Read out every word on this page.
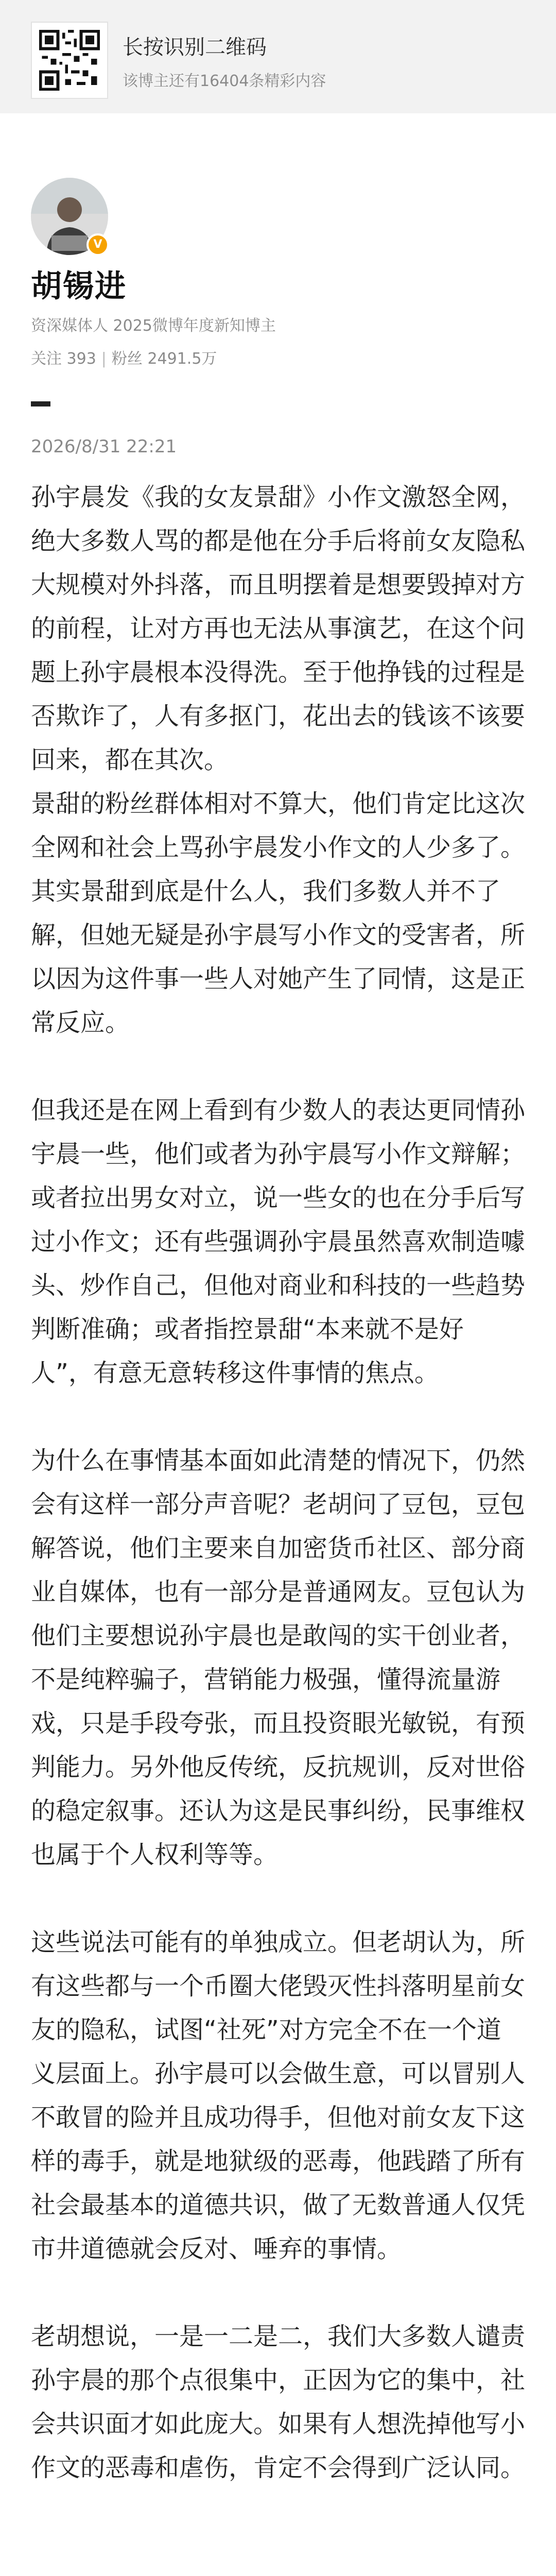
长按识别二维码
该博主还有16404条精彩内容
V
胡锡进
资深媒体人 2025微博年度新知博主
关注 393 | 粉丝 2491.5万
2026/8/31 22:21

孙宇晨发《我的女友景甜》小作文激怒全网，绝大多数人骂的都是他在分手后将前女友隐私大规模对外抖落，而且明摆着是想要毁掉对方的前程，让对方再也无法从事演艺，在这个问题上孙宇晨根本没得洗。至于他挣钱的过程是否欺诈了，人有多抠门，花出去的钱该不该要回来，都在其次。

景甜的粉丝群体相对不算大，他们肯定比这次全网和社会上骂孙宇晨发小作文的人少多了。其实景甜到底是什么人，我们多数人并不了解，但她无疑是孙宇晨写小作文的受害者，所以因为这件事一些人对她产生了同情，这是正常反应。

但我还是在网上看到有少数人的表达更同情孙宇晨一些，他们或者为孙宇晨写小作文辩解；或者拉出男女对立，说一些女的也在分手后写过小作文；还有些强调孙宇晨虽然喜欢制造噱头、炒作自己，但他对商业和科技的一些趋势判断准确；或者指控景甜“本来就不是好人”，有意无意转移这件事情的焦点。

为什么在事情基本面如此清楚的情况下，仍然会有这样一部分声音呢？老胡问了豆包，豆包解答说，他们主要来自加密货币社区、部分商业自媒体，也有一部分是普通网友。豆包认为他们主要想说孙宇晨也是敢闯的实干创业者，不是纯粹骗子，营销能力极强，懂得流量游戏，只是手段夸张，而且投资眼光敏锐，有预判能力。另外他反传统，反抗规训，反对世俗的稳定叙事。还认为这是民事纠纷，民事维权也属于个人权利等等。

这些说法可能有的单独成立。但老胡认为，所有这些都与一个币圈大佬毁灭性抖落明星前女友的隐私，试图“社死”对方完全不在一个道义层面上。孙宇晨可以会做生意，可以冒别人不敢冒的险并且成功得手，但他对前女友下这样的毒手，就是地狱级的恶毒，他践踏了所有社会最基本的道德共识，做了无数普通人仅凭市井道德就会反对、唾弃的事情。

老胡想说，一是一二是二，我们大多数人谴责孙宇晨的那个点很集中，正因为它的集中，社会共识面才如此庞大。如果有人想洗掉他写小作文的恶毒和虐伤，肯定不会得到广泛认同。
